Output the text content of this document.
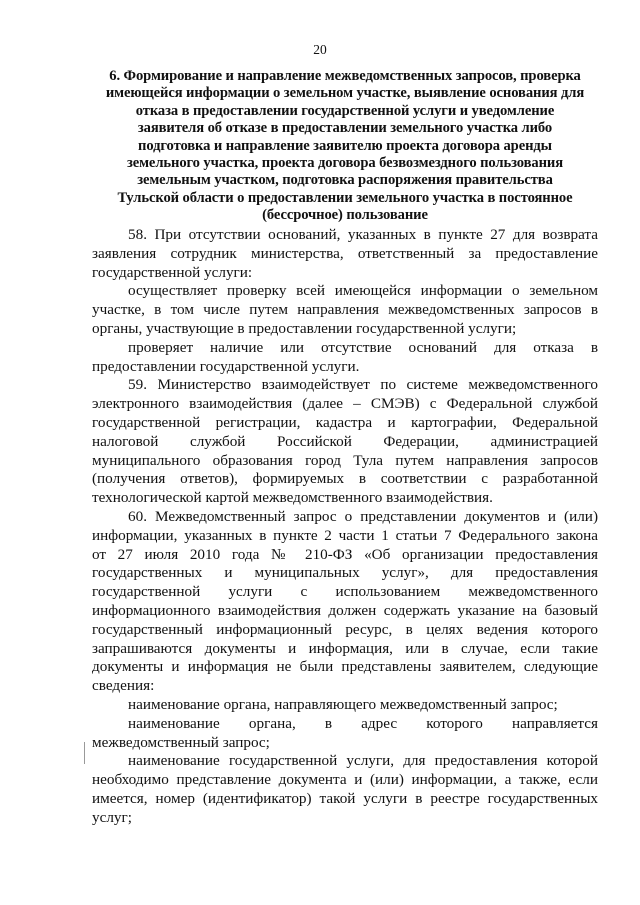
20
6. Формирование и направление межведомственных запросов, проверка
имеющейся информации о земельном участке, выявление основания для
отказа в предоставлении государственной услуги и уведомление
заявителя об отказе в предоставлении земельного участка либо
подготовка и направление заявителю проекта договора аренды
земельного участка, проекта договора безвозмездного пользования
земельным участком, подготовка распоряжения правительства
Тульской области о предоставлении земельного участка в постоянное
(бессрочное) пользование
58. При отсутствии оснований, указанных в пункте 27 для возврата
заявления сотрудник министерства, ответственный за предоставление
государственной услуги:
осуществляет проверку всей имеющейся информации о земельном
участке, в том числе путем направления межведомственных запросов в
органы, участвующие в предоставлении государственной услуги;
проверяет наличие или отсутствие оснований для отказа в
предоставлении государственной услуги.
59. Министерство взаимодействует по системе межведомственного
электронного взаимодействия (далее – СМЭВ) с Федеральной службой
государственной регистрации, кадастра и картографии, Федеральной
налоговой службой Российской Федерации, администрацией
муниципального образования город Тула путем направления запросов
(получения ответов), формируемых в соответствии с разработанной
технологической картой межведомственного взаимодействия.
60. Межведомственный запрос о представлении документов и (или)
информации, указанных в пункте 2 части 1 статьи 7 Федерального закона
от 27 июля 2010 года № 210-ФЗ «Об организации предоставления
государственных и муниципальных услуг», для предоставления
государственной услуги с использованием межведомственного
информационного взаимодействия должен содержать указание на базовый
государственный информационный ресурс, в целях ведения которого
запрашиваются документы и информация, или в случае, если такие
документы и информация не были представлены заявителем, следующие
сведения:
наименование органа, направляющего межведомственный запрос;
наименование органа, в адрес которого направляется
межведомственный запрос;
наименование государственной услуги, для предоставления которой
необходимо представление документа и (или) информации, а также, если
имеется, номер (идентификатор) такой услуги в реестре государственных
услуг;
